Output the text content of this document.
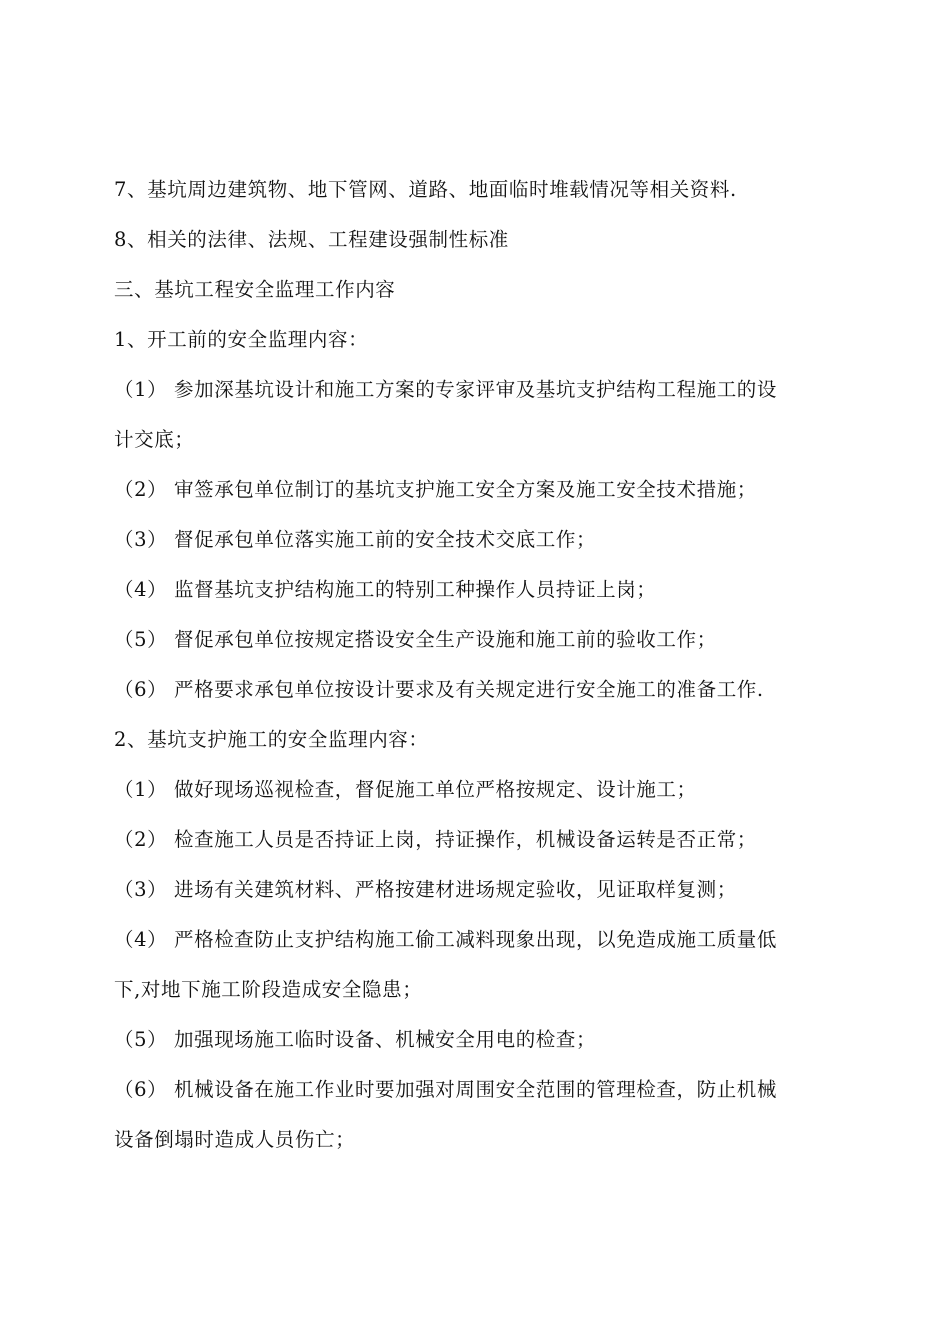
7、基坑周边建筑物、地下管网、道路、地面临时堆载情况等相关资料.
8、相关的法律、法规、工程建设强制性标准
三、基坑工程安全监理工作内容
1、开工前的安全监理内容：
（1） 参加深基坑设计和施工方案的专家评审及基坑支护结构工程施工的设
计交底；
（2） 审签承包单位制订的基坑支护施工安全方案及施工安全技术措施；
（3） 督促承包单位落实施工前的安全技术交底工作；
（4） 监督基坑支护结构施工的特别工种操作人员持证上岗；
（5） 督促承包单位按规定搭设安全生产设施和施工前的验收工作；
（6） 严格要求承包单位按设计要求及有关规定进行安全施工的准备工作.
2、基坑支护施工的安全监理内容：
（1） 做好现场巡视检查，督促施工单位严格按规定、设计施工；
（2） 检查施工人员是否持证上岗，持证操作，机械设备运转是否正常；
（3） 进场有关建筑材料、严格按建材进场规定验收，见证取样复测；
（4） 严格检查防止支护结构施工偷工减料现象出现，以免造成施工质量低
下,对地下施工阶段造成安全隐患；
（5） 加强现场施工临时设备、机械安全用电的检查；
（6） 机械设备在施工作业时要加强对周围安全范围的管理检查，防止机械
设备倒塌时造成人员伤亡；
